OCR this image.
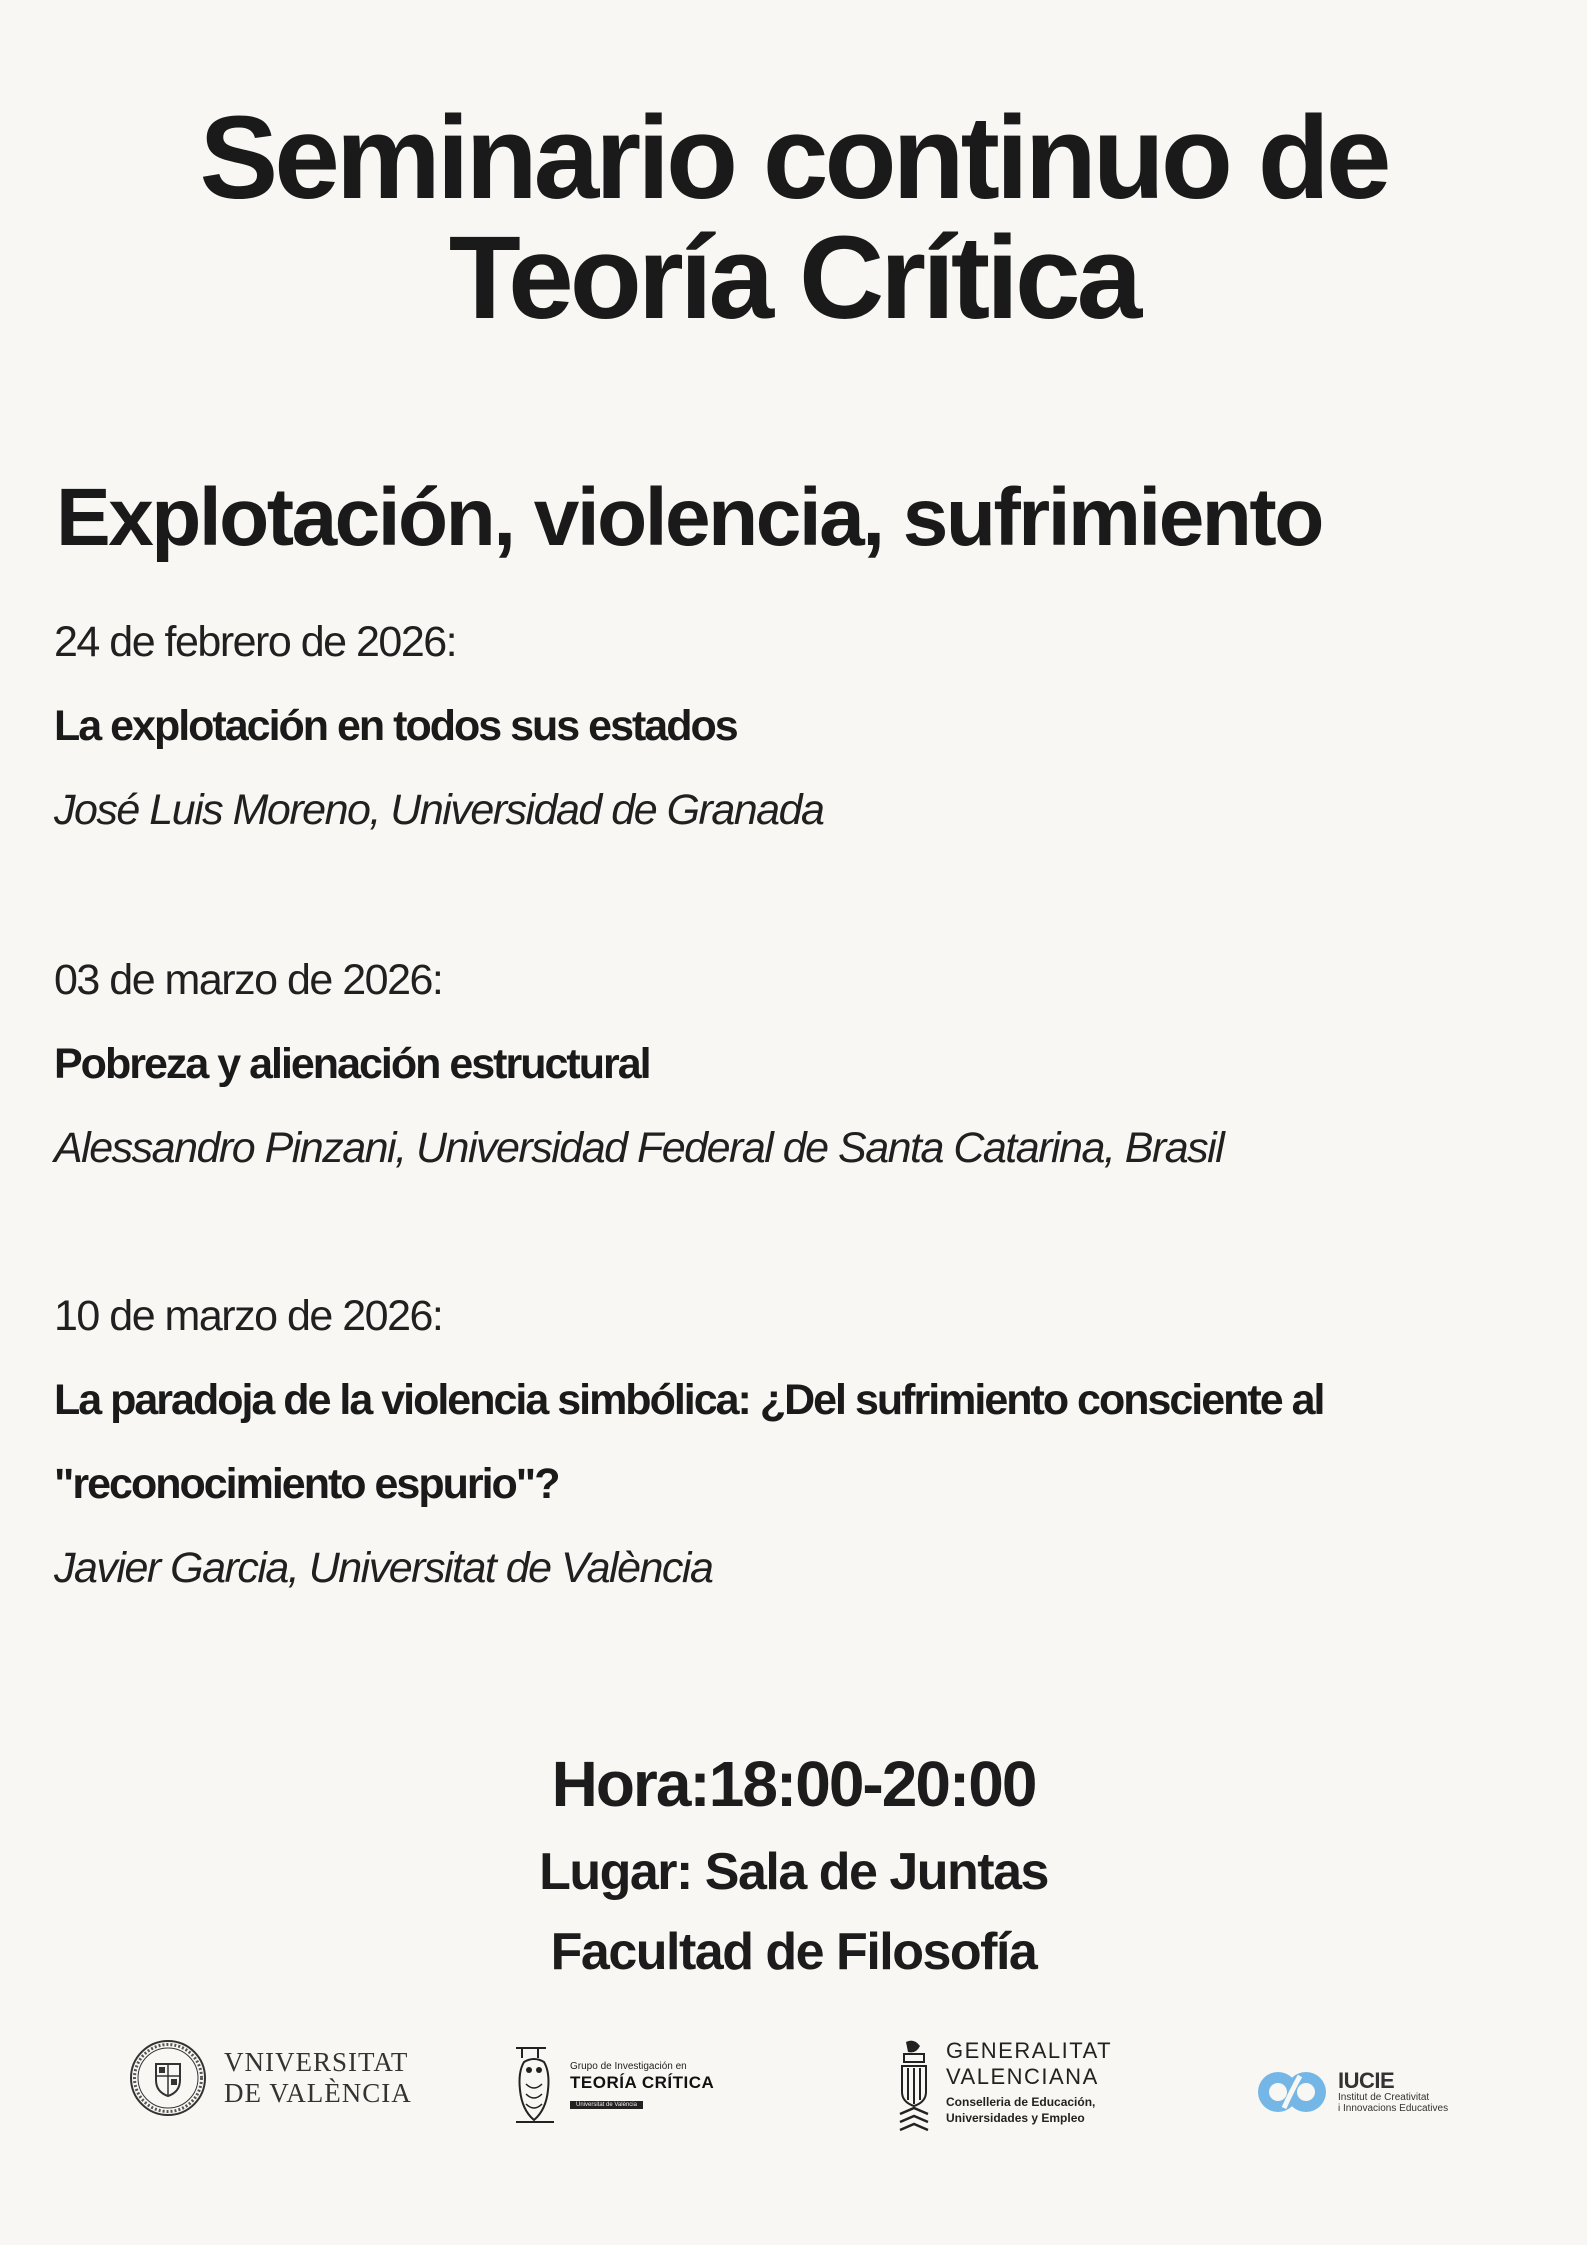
Seminario continuo de
Teoría Crítica
Explotación, violencia, sufrimiento
24 de febrero de 2026:
La explotación en todos sus estados
José Luis Moreno, Universidad de Granada
03 de marzo de 2026:
Pobreza y alienación estructural
Alessandro Pinzani, Universidad Federal de Santa Catarina, Brasil
10 de marzo de 2026:
La paradoja de la violencia simbólica: ¿Del sufrimiento consciente al "reconocimiento espurio"?
Javier Garcia, Universitat de València
Hora:18:00-20:00
Lugar: Sala de Juntas
Facultad de Filosofía
VNIVERSITAT
DE VALÈNCIA
Grupo de Investigación en
TEORÍA CRÍTICA
Universitat de València
GENERALITAT
VALENCIANA
Conselleria de Educación,
Universidades y Empleo
IUCIE
Institut de Creativitat
i Innovacions Educatives
